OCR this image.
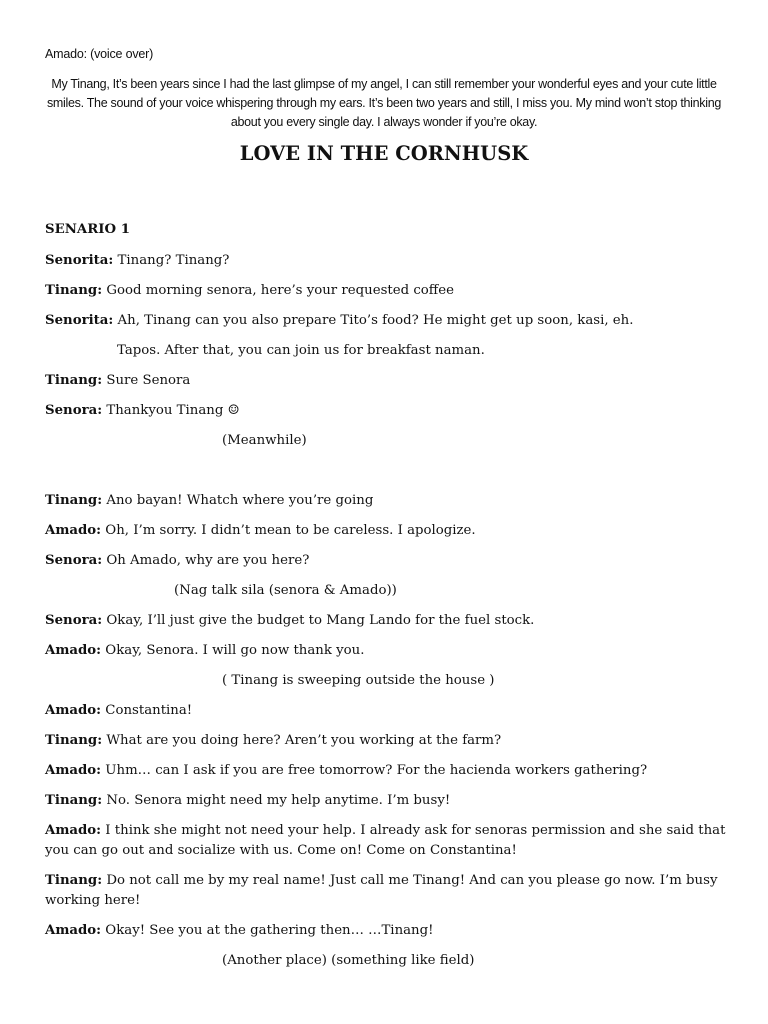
Amado: (voice over)
My Tinang, It’s been years since I had the last glimpse of my angel, I can still remember your wonderful eyes and your cute little smiles. The sound of your voice whispering through my ears. It’s been two years and still, I miss you. My mind won’t stop thinking about you every single day. I always wonder if you’re okay.
LOVE IN THE CORNHUSK
SENARIO 1
Senorita: Tinang? Tinang?
Tinang: Good morning senora, here’s your requested coffee
Senorita: Ah, Tinang can you also prepare Tito’s food? He might get up soon, kasi, eh.
Tapos. After that, you can join us for breakfast naman.
Tinang: Sure Senora
Senora: Thankyou Tinang ☺
(Meanwhile)
Tinang: Ano bayan! Whatch where you’re going
Amado: Oh, I’m sorry. I didn’t mean to be careless. I apologize.
Senora: Oh Amado, why are you here?
(Nag talk sila (senora & Amado))
Senora: Okay, I’ll just give the budget to Mang Lando for the fuel stock.
Amado: Okay, Senora. I will go now thank you.
( Tinang is sweeping outside the house )
Amado: Constantina!
Tinang: What are you doing here? Aren’t you working at the farm?
Amado: Uhm… can I ask if you are free tomorrow? For the hacienda workers gathering?
Tinang: No. Senora might need my help anytime. I’m busy!
Amado: I think she might not need your help. I already ask for senoras permission and she said that you can go out and socialize with us. Come on! Come on Constantina!
Tinang: Do not call me by my real name! Just call me Tinang! And can you please go now. I’m busy working here!
Amado: Okay! See you at the gathering then… …Tinang!
(Another place) (something like field)
